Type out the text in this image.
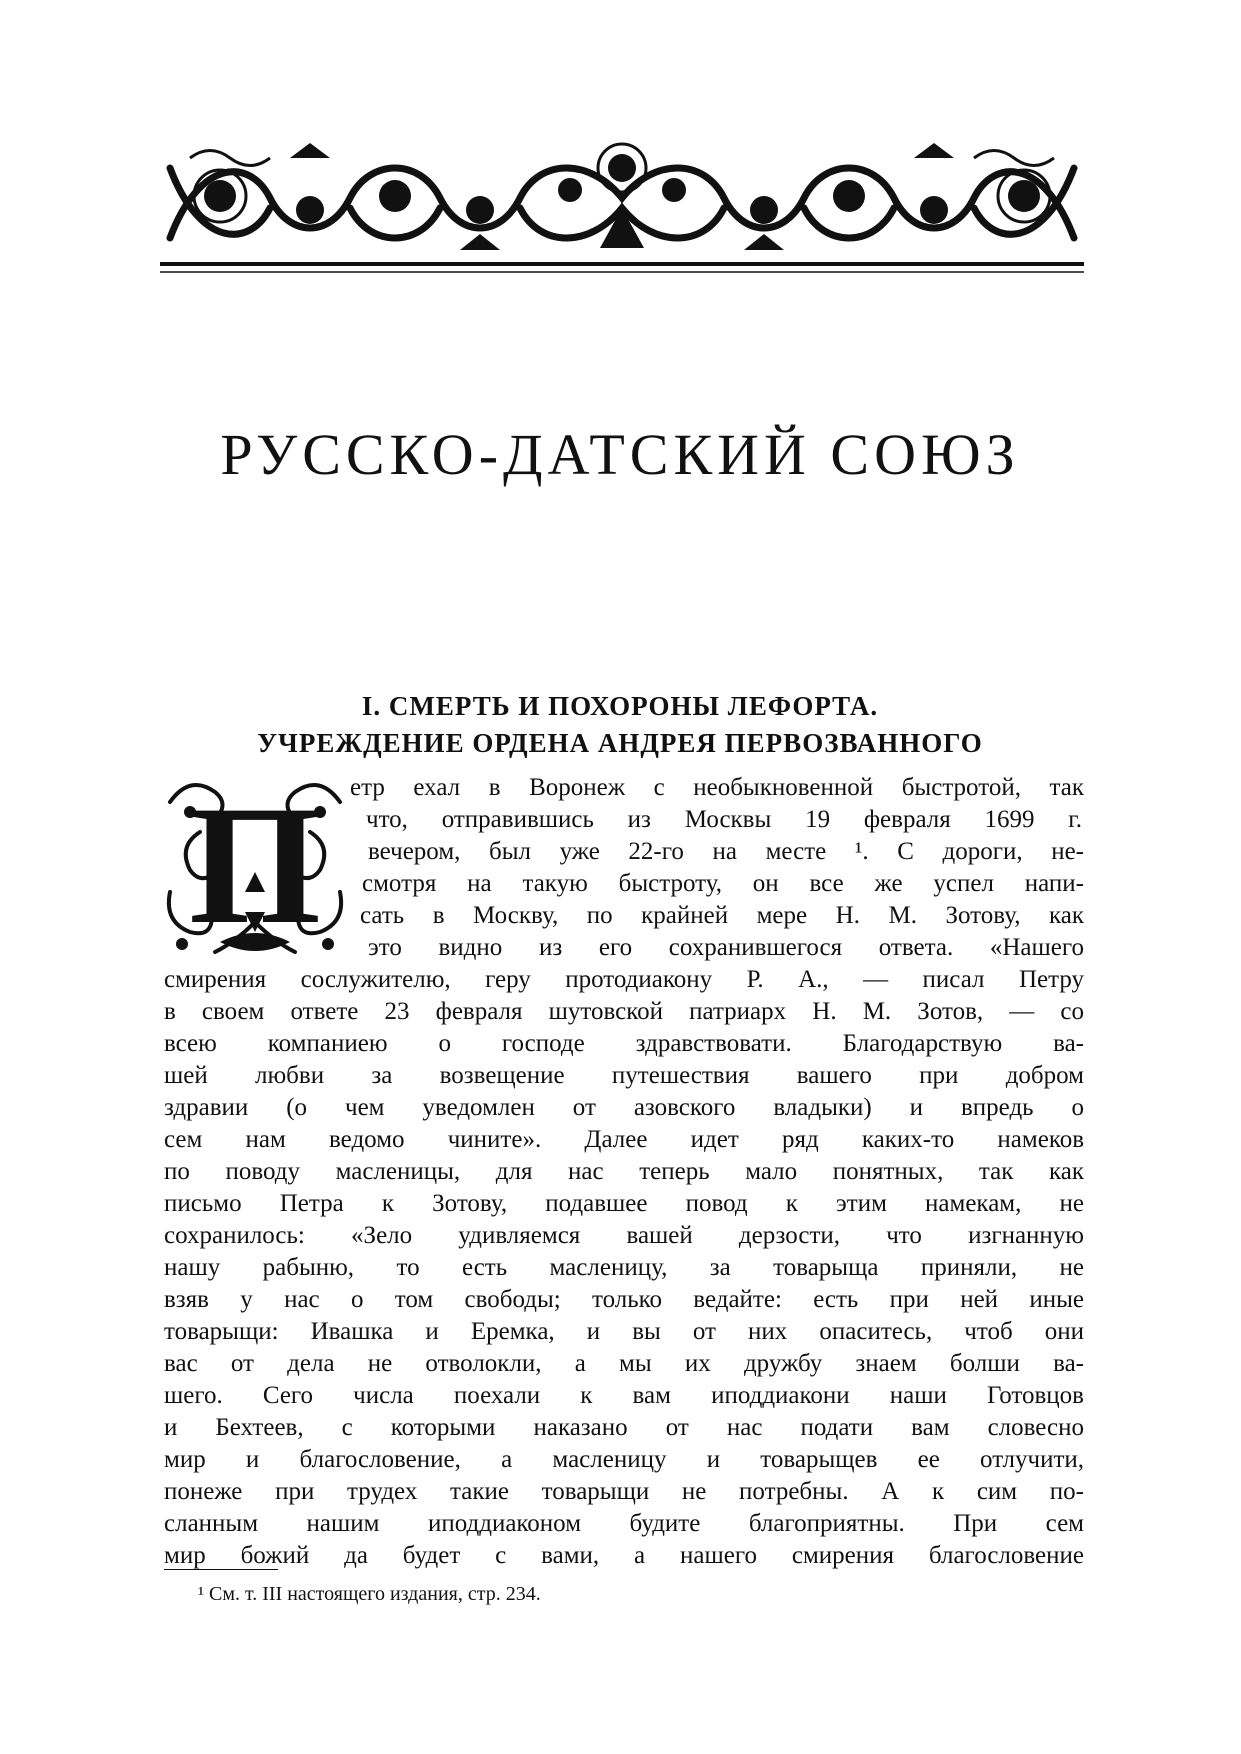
РУССКО-ДАТСКИЙ СОЮЗ
I. СМЕРТЬ И ПОХОРОНЫ ЛЕФОРТА.
УЧРЕЖДЕНИЕ ОРДЕНА АНДРЕЯ ПЕРВОЗВАННОГО
П етр ехал в Воронеж с необыкновенной быстротой, так
что, отправившись из Москвы 19 февраля 1699 г.
вечером, был уже 22-го на месте ¹. С дороги, не-
смотря на такую быстроту, он все же успел напи-
сать в Москву, по крайней мере Н. М. Зотову, как
это видно из его сохранившегося ответа. «Нашего
смирения сослужителю, геру протодиакону Р. А., — писал Петру
в своем ответе 23 февраля шутовской патриарх Н. М. Зотов, — со
всею компаниею о господе здравствовати. Благодарствую ва-
шей любви за возвещение путешествия вашего при добром
здравии (о чем уведомлен от азовского владыки) и впредь о
сем нам ведомо чините». Далее идет ряд каких-то намеков
по поводу масленицы, для нас теперь мало понятных, так как
письмо Петра к Зотову, подавшее повод к этим намекам, не
сохранилось: «Зело удивляемся вашей дерзости, что изгнанную
нашу рабыню, то есть масленицу, за товарыща приняли, не
взяв у нас о том свободы; только ведайте: есть при ней иные
товарыщи: Ивашка и Еремка, и вы от них опаситесь, чтоб они
вас от дела не отволокли, а мы их дружбу знаем болши ва-
шего. Сего числа поехали к вам иподдиакони наши Готовцов
и Бехтеев, с которыми наказано от нас подати вам словесно
мир и благословение, а масленицу и товарыщев ее отлучити,
понеже при трудех такие товарыщи не потребны. А к сим по-
сланным нашим иподдиаконом будите благоприятны. При сем
мир божий да будет с вами, а нашего смирения благословение
¹ См. т. III настоящего издания, стр. 234.
